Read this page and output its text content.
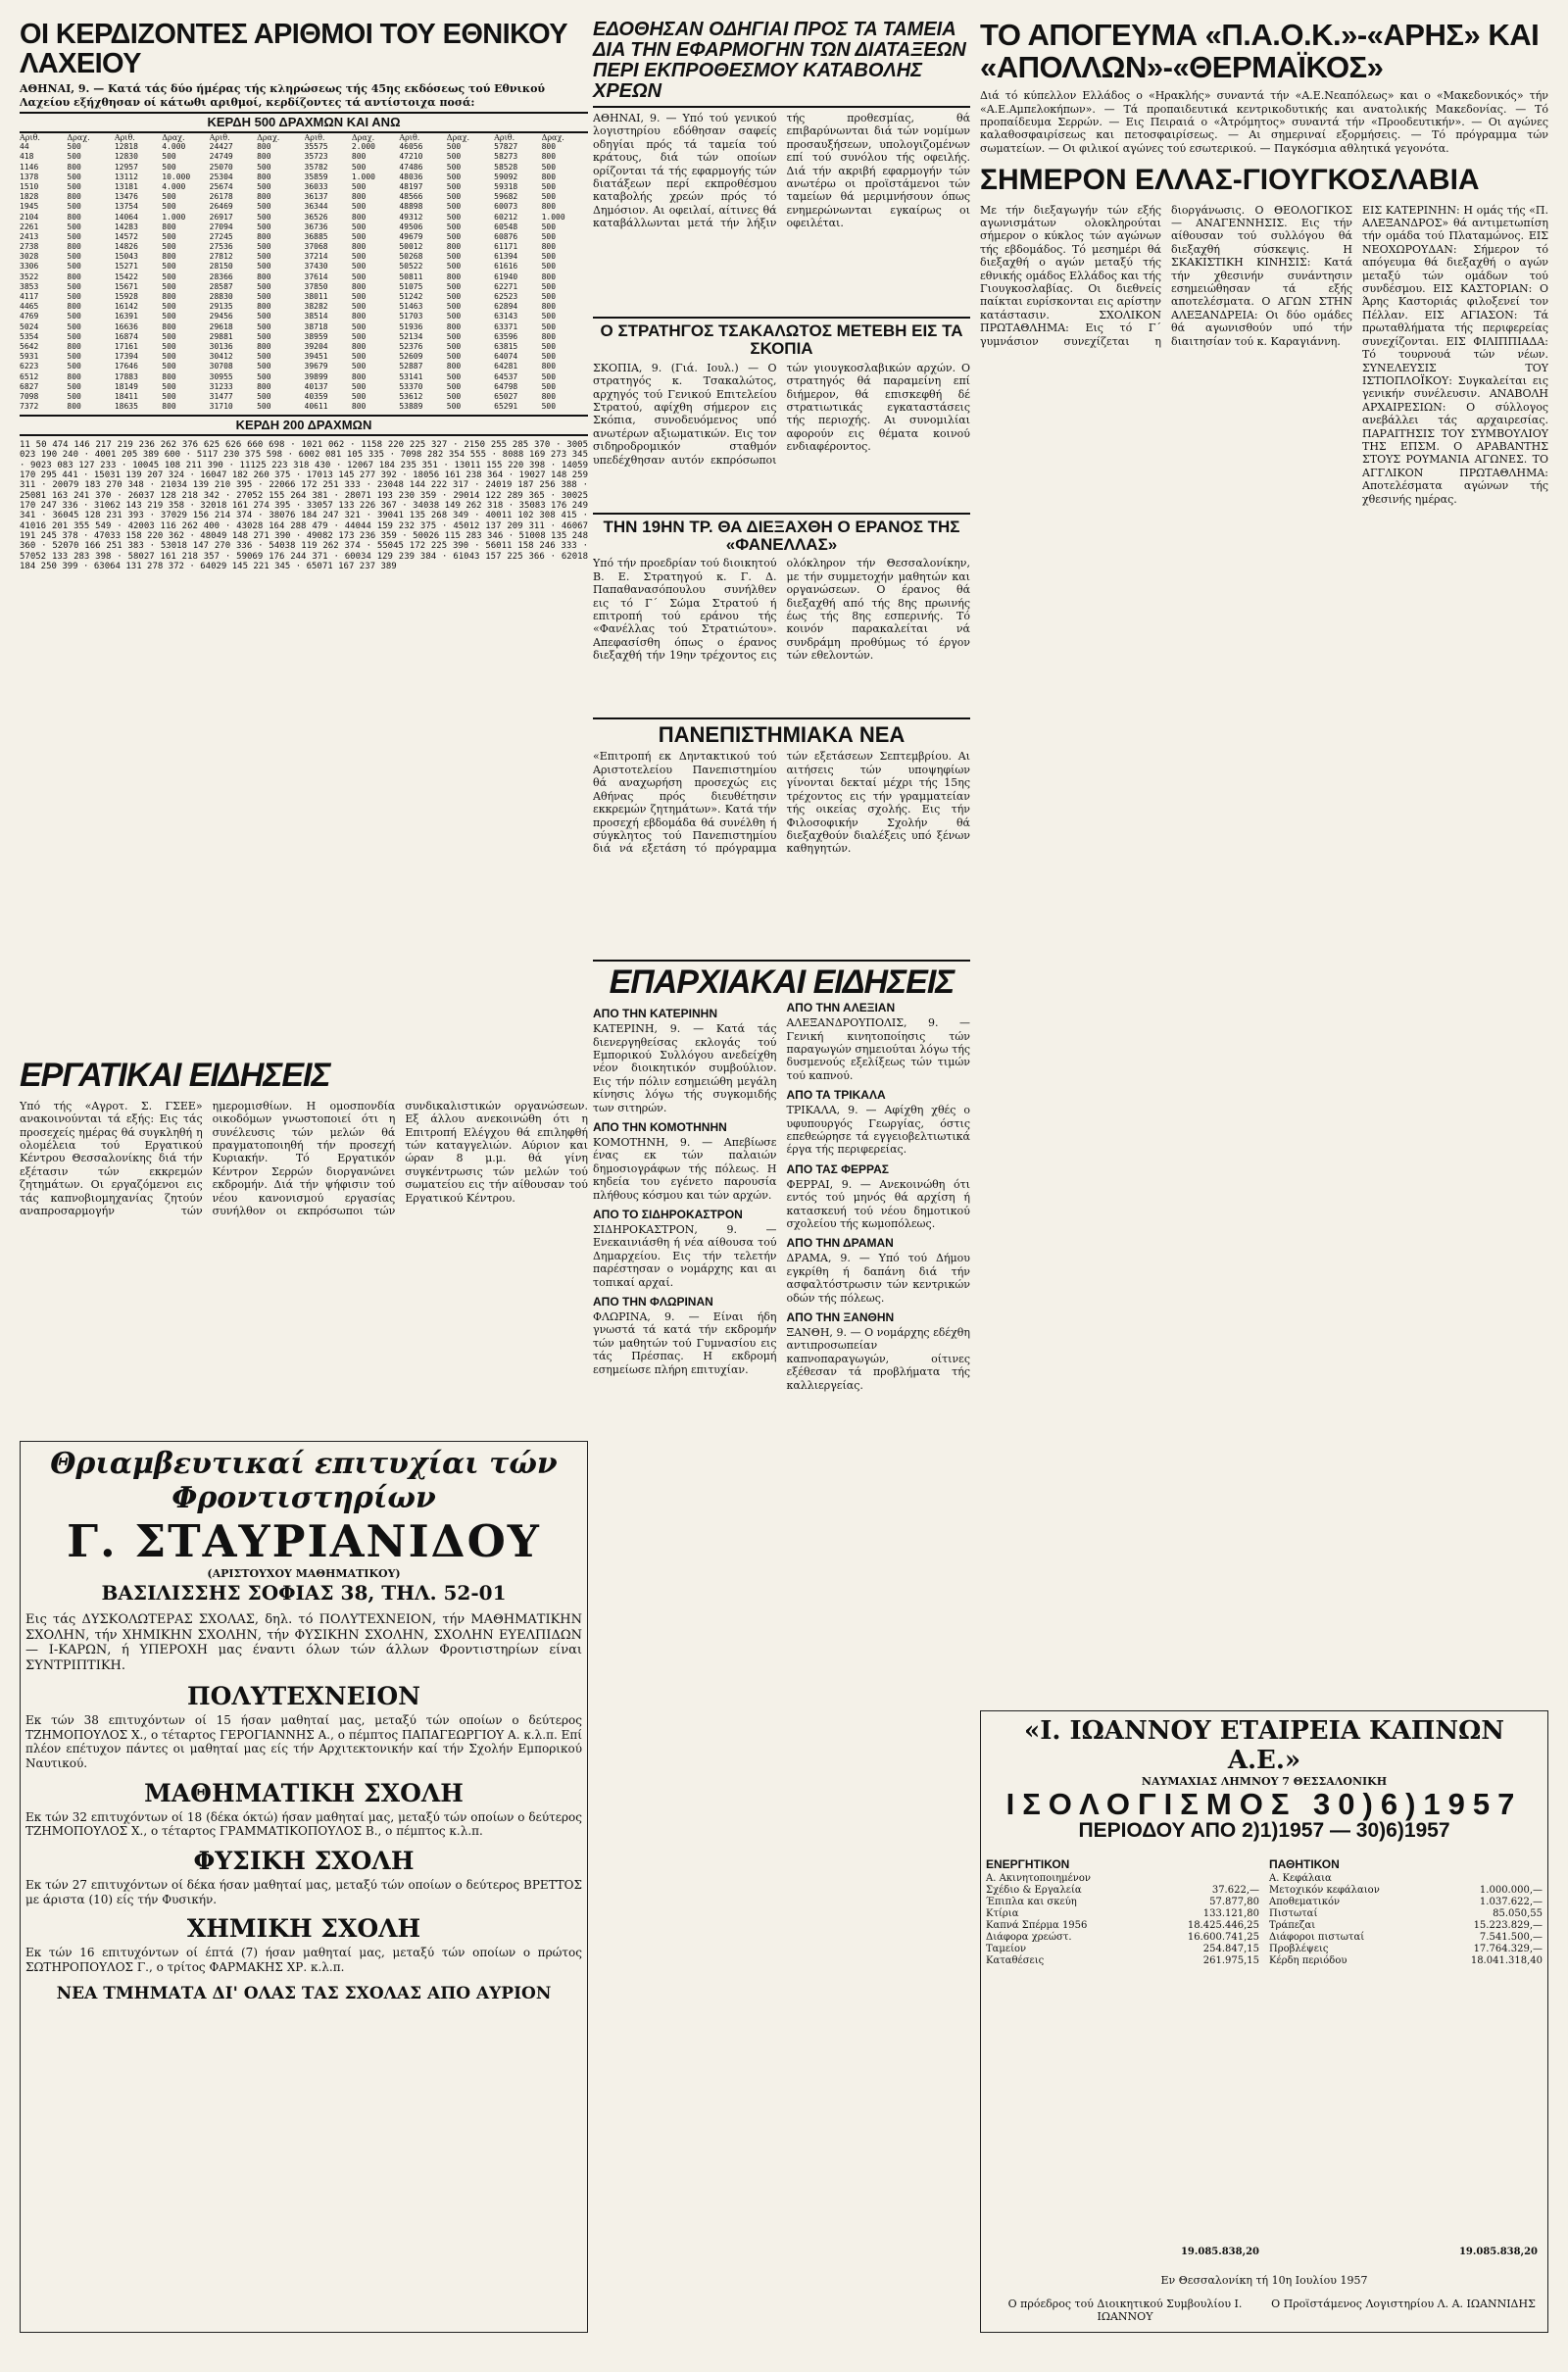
ΟΙ ΚΕΡΔΙΖΟΝΤΕΣ ΑΡΙΘΜΟΙ ΤΟΥ ΕΘΝΙΚΟΥ ΛΑΧΕΙΟΥ
ΑΘΗΝΑΙ, 9. — Κατά τάς δύο ήμέρας τής κληρώσεως τής 45ης εκδόσεως τού Εθνικού Λαχείου εξήχθησαν οί κάτωθι αριθμοί, κερδίζοντες τά αντίστοιχα ποσά:
ΚΕΡΔΗ 500 ΔΡΑΧΜΩΝ ΚΑΙ ΑΝΩ
Αριθ.	Δραχ.	Αριθ.	Δραχ.	Αριθ.	Δραχ.	Αριθ.	Δραχ.	Αριθ.	Δραχ.	Αριθ.	Δραχ.
44	500	12818	4.000	24427	800	35575	2.000	46056	500	57827	800
418	500	12830	500	24749	800	35723	800	47210	500	58273	800
1146	800	12957	500	25070	500	35782	500	47486	500	58528	500
1378	500	13112	10.000	25304	800	35859	1.000	48036	500	59092	800
1510	500	13181	4.000	25674	500	36033	500	48197	500	59318	500
1828	800	13476	500	26178	800	36137	800	48566	500	59682	500
1945	500	13754	500	26469	500	36344	500	48898	500	60073	800
2104	800	14064	1.000	26917	500	36526	800	49312	500	60212	1.000
2261	500	14283	800	27094	500	36736	500	49506	500	60548	500
2413	500	14572	500	27245	800	36885	500	49679	500	60876	500
2738	800	14826	500	27536	500	37068	800	50012	800	61171	800
3028	500	15043	800	27812	500	37214	500	50268	500	61394	500
3306	500	15271	500	28150	500	37430	500	50522	500	61616	500
3522	800	15422	500	28366	800	37614	500	50811	800	61940	800
3853	500	15671	500	28587	500	37850	800	51075	500	62271	500
4117	500	15928	800	28830	500	38011	500	51242	500	62523	500
4465	800	16142	500	29135	800	38282	500	51463	500	62894	800
4769	500	16391	500	29456	500	38514	800	51703	500	63143	500
5024	500	16636	800	29618	500	38718	500	51936	800	63371	500
5354	500	16874	500	29881	500	38959	500	52134	500	63596	800
5642	800	17161	500	30136	800	39204	800	52376	500	63815	500
5931	500	17394	500	30412	500	39451	500	52609	500	64074	500
6223	500	17646	500	30708	500	39679	500	52887	800	64281	800
6512	800	17883	800	30955	500	39899	800	53141	500	64537	500
6827	500	18149	500	31233	800	40137	500	53370	500	64798	500
7098	500	18411	500	31477	500	40359	500	53612	500	65027	800
7372	800	18635	800	31710	500	40611	800	53889	500	65291	500
ΚΕΡΔΗ 200 ΔΡΑΧΜΩΝ
11 50 474 146 217 219 236 262 376 625 626 660 698 · 1021 062 · 1158 220 225 327 · 2150 255 285 370 · 3005 023 190 240 · 4001 205 389 600 · 5117 230 375 598 · 6002 081 105 335 · 7098 282 354 555 · 8088 169 273 345 · 9023 083 127 233 · 10045 108 211 390 · 11125 223 318 430 · 12067 184 235 351 · 13011 155 220 398 · 14059 170 295 441 · 15031 139 207 324 · 16047 182 260 375 · 17013 145 277 392 · 18056 161 238 364 · 19027 148 259 311 · 20079 183 270 348 · 21034 139 210 395 · 22066 172 251 333 · 23048 144 222 317 · 24019 187 256 388 · 25081 163 241 370 · 26037 128 218 342 · 27052 155 264 381 · 28071 193 230 359 · 29014 122 289 365 · 30025 170 247 336 · 31062 143 219 358 · 32018 161 274 395 · 33057 133 226 367 · 34038 149 262 318 · 35083 176 249 341 · 36045 128 231 393 · 37029 156 214 374 · 38076 184 247 321 · 39041 135 268 349 · 40011 102 308 415 · 41016 201 355 549 · 42003 116 262 400 · 43028 164 288 479 · 44044 159 232 375 · 45012 137 209 311 · 46067 191 245 378 · 47033 158 220 362 · 48049 148 271 390 · 49082 173 236 359 · 50026 115 283 346 · 51008 135 248 360 · 52070 166 251 383 · 53018 147 270 336 · 54038 119 262 374 · 55045 172 225 390 · 56011 158 246 333 · 57052 133 283 398 · 58027 161 218 357 · 59069 176 244 371 · 60034 129 239 384 · 61043 157 225 366 · 62018 184 250 399 · 63064 131 278 372 · 64029 145 221 345 · 65071 167 237 389
ΕΡΓΑΤΙΚΑΙ ΕΙΔΗΣΕΙΣ
Υπό τής «Αγροτ. Σ. ΓΣΕΕ» ανακοινούνται τά εξής: Εις τάς προσεχείς ημέρας θά συγκληθή η ολομέλεια τού Εργατικού Κέντρου Θεσσαλονίκης διά τήν εξέτασιν τών εκκρεμών ζητημάτων. Οι εργαζόμενοι εις τάς καπνοβιομηχανίας ζητούν αναπροσαρμογήν τών ημερομισθίων. Η ομοσπονδία οικοδόμων γνωστοποιεί ότι η συνέλευσις τών μελών θά πραγματοποιηθή τήν προσεχή Κυριακήν. Τό Εργατικόν Κέντρον Σερρών διοργανώνει εκδρομήν. Διά τήν ψήφισιν τού νέου κανονισμού εργασίας συνήλθον οι εκπρόσωποι τών συνδικαλιστικών οργανώσεων. Εξ άλλου ανεκοινώθη ότι η Επιτροπή Ελέγχου θά επιληφθή τών καταγγελιών. Αύριον και ώραν 8 μ.μ. θά γίνη συγκέντρωσις τών μελών τού σωματείου εις τήν αίθουσαν τού Εργατικού Κέντρου.
Θριαμβευτικαί επιτυχίαι τών Φροντιστηρίων
Γ. ΣΤΑΥΡΙΑΝΙΔΟΥ
(ΑΡΙΣΤΟΥΧΟΥ ΜΑΘΗΜΑΤΙΚΟΥ)
ΒΑΣΙΛΙΣΣΗΣ ΣΟΦΙΑΣ 38, ΤΗΛ. 52-01
Εις τάς ΔΥΣΚΟΛΩΤΕΡΑΣ ΣΧΟΛΑΣ, δηλ. τό ΠΟΛΥΤΕΧΝΕΙΟΝ, τήν ΜΑΘΗΜΑΤΙΚΗΝ ΣΧΟΛΗΝ, τήν ΧΗΜΙΚΗΝ ΣΧΟΛΗΝ, τήν ΦΥΣΙΚΗΝ ΣΧΟΛΗΝ, ΣΧΟΛΗΝ ΕΥΕΛΠΙΔΩΝ — Ι-ΚΑΡΩΝ, ή ΥΠΕΡΟΧΗ μας έναντι όλων τών άλλων Φροντιστηρίων είναι ΣΥΝΤΡΙΠΤΙΚΗ.
ΠΟΛΥΤΕΧΝΕΙΟΝ
Εκ τών 38 επιτυχόντων οί 15 ήσαν μαθηταί μας, μεταξύ τών οποίων ο δεύτερος ΤΖΗΜΟΠΟΥΛΟΣ Χ., ο τέταρτος ΓΕΡΟΓΙΑΝΝΗΣ Α., ο πέμπτος ΠΑΠΑΓΕΩΡΓΙΟΥ Α. κ.λ.π. Επί πλέον επέτυχον πάντες οι μαθηταί μας είς τήν Αρχιτεκτονικήν καί τήν Σχολήν Εμπορικού Ναυτικού.
ΜΑΘΗΜΑΤΙΚΗ ΣΧΟΛΗ
Εκ τών 32 επιτυχόντων οί 18 (δέκα όκτώ) ήσαν μαθηταί μας, μεταξύ τών οποίων ο δεύτερος ΤΖΗΜΟΠΟΥΛΟΣ Χ., ο τέταρτος ΓΡΑΜΜΑΤΙΚΟΠΟΥΛΟΣ Β., ο πέμπτος κ.λ.π.
ΦΥΣΙΚΗ ΣΧΟΛΗ
Εκ τών 27 επιτυχόντων οί δέκα ήσαν μαθηταί μας, μεταξύ τών οποίων ο δεύτερος ΒΡΕΤΤΟΣ με άριστα (10) είς τήν Φυσικήν.
ΧΗΜΙΚΗ ΣΧΟΛΗ
Εκ τών 16 επιτυχόντων οί έπτά (7) ήσαν μαθηταί μας, μεταξύ τών οποίων ο πρώτος ΣΩΤΗΡΟΠΟΥΛΟΣ Γ., ο τρίτος ΦΑΡΜΑΚΗΣ ΧΡ. κ.λ.π.
ΝΕΑ ΤΜΗΜΑΤΑ ΔΙ' ΟΛΑΣ ΤΑΣ ΣΧΟΛΑΣ ΑΠΟ ΑΥΡΙΟΝ
ΕΔΟΘΗΣΑΝ ΟΔΗΓΙΑΙ ΠΡΟΣ ΤΑ ΤΑΜΕΙΑ ΔΙΑ ΤΗΝ ΕΦΑΡΜΟΓΗΝ ΤΩΝ ΔΙΑΤΑΞΕΩΝ ΠΕΡΙ ΕΚΠΡΟΘΕΣΜΟΥ ΚΑΤΑΒΟΛΗΣ ΧΡΕΩΝ
ΑΘΗΝΑΙ, 9. — Υπό τού γενικού λογιστηρίου εδόθησαν σαφείς οδηγίαι πρός τά ταμεία τού κράτους, διά τών οποίων ορίζονται τά τής εφαρμογής τών διατάξεων περί εκπροθέσμου καταβολής χρεών πρός τό Δημόσιον. Αι οφειλαί, αίτινες θά καταβάλλωνται μετά τήν λήξιν τής προθεσμίας, θά επιβαρύνωνται διά τών νομίμων προσαυξήσεων, υπολογιζομένων επί τού συνόλου τής οφειλής. Διά τήν ακριβή εφαρμογήν τών ανωτέρω οι προϊστάμενοι τών ταμείων θά μεριμνήσουν όπως ενημερώνωνται εγκαίρως οι οφειλέται.
Ο ΣΤΡΑΤΗΓΟΣ ΤΣΑΚΑΛΩΤΟΣ ΜΕΤΕΒΗ ΕΙΣ ΤΑ ΣΚΟΠΙΑ
ΣΚΟΠΙΑ, 9. (Γιά. Ιουλ.) — Ο στρατηγός κ. Τσακαλώτος, αρχηγός τού Γενικού Επιτελείου Στρατού, αφίχθη σήμερον εις Σκόπια, συνοδευόμενος υπό ανωτέρων αξιωματικών. Εις τον σιδηροδρομικόν σταθμόν υπεδέχθησαν αυτόν εκπρόσωποι τών γιουγκοσλαβικών αρχών. Ο στρατηγός θά παραμείνη επί διήμερον, θά επισκεφθή δέ στρατιωτικάς εγκαταστάσεις τής περιοχής. Αι συνομιλίαι αφορούν εις θέματα κοινού ενδιαφέροντος.
ΤΗΝ 19ΗΝ ΤΡ. ΘΑ ΔΙΕΞΑΧΘΗ Ο ΕΡΑΝΟΣ ΤΗΣ «ΦΑΝΕΛΛΑΣ»
Υπό τήν προεδρίαν τού διοικητού Β. Ε. Στρατηγού κ. Γ. Δ. Παπαθανασόπουλου συνήλθεν εις τό Γ΄ Σώμα Στρατού ή επιτροπή τού εράνου τής «Φανέλλας τού Στρατιώτου». Απεφασίσθη όπως ο έρανος διεξαχθή τήν 19ην τρέχοντος εις ολόκληρον τήν Θεσσαλονίκην, με τήν συμμετοχήν μαθητών και οργανώσεων. Ο έρανος θά διεξαχθή από τής 8ης πρωινής έως τής 8ης εσπερινής. Τό κοινόν παρακαλείται νά συνδράμη προθύμως τό έργον τών εθελοντών.
ΠΑΝΕΠΙΣΤΗΜΙΑΚΑ ΝΕΑ
«Επιτροπή εκ Δηντακτικού τού Αριστοτελείου Πανεπιστημίου θά αναχωρήση προσεχώς εις Αθήνας πρός διευθέτησιν εκκρεμών ζητημάτων». Κατά τήν προσεχή εβδομάδα θά συνέλθη ή σύγκλητος τού Πανεπιστημίου διά νά εξετάση τό πρόγραμμα τών εξετάσεων Σεπτεμβρίου. Αι αιτήσεις τών υποψηφίων γίνονται δεκταί μέχρι τής 15ης τρέχοντος εις τήν γραμματείαν τής οικείας σχολής. Εις τήν Φιλοσοφικήν Σχολήν θά διεξαχθούν διαλέξεις υπό ξένων καθηγητών.
ΕΠΑΡΧΙΑΚΑΙ ΕΙΔΗΣΕΙΣ
ΑΠΟ ΤΗΝ ΚΑΤΕΡΙΝΗΝ
ΚΑΤΕΡΙΝΗ, 9. — Κατά τάς διενεργηθείσας εκλογάς τού Εμπορικού Συλλόγου ανεδείχθη νέον διοικητικόν συμβούλιον. Εις τήν πόλιν εσημειώθη μεγάλη κίνησις λόγω τής συγκομιδής των σιτηρών.
ΑΠΟ ΤΗΝ ΚΟΜΟΤΗΝΗΝ
ΚΟΜΟΤΗΝΗ, 9. — Απεβίωσε ένας εκ τών παλαιών δημοσιογράφων τής πόλεως. Η κηδεία του εγένετο παρουσία πλήθους κόσμου και τών αρχών.
ΑΠΟ ΤΟ ΣΙΔΗΡΟΚΑΣΤΡΟΝ
ΣΙΔΗΡΟΚΑΣΤΡΟΝ, 9. — Ενεκαινιάσθη ή νέα αίθουσα τού Δημαρχείου. Εις τήν τελετήν παρέστησαν ο νομάρχης και αι τοπικαί αρχαί.
ΑΠΟ ΤΗΝ ΦΛΩΡΙΝΑΝ
ΦΛΩΡΙΝΑ, 9. — Είναι ήδη γνωστά τά κατά τήν εκδρομήν τών μαθητών τού Γυμνασίου εις τάς Πρέσπας. Η εκδρομή εσημείωσε πλήρη επιτυχίαν.
ΑΠΟ ΤΗΝ ΑΛΕΞΙΑΝ
ΑΛΕΞΑΝΔΡΟΥΠΟΛΙΣ, 9. — Γενική κινητοποίησις τών παραγωγών σημειούται λόγω τής δυσμενούς εξελίξεως τών τιμών τού καπνού.
ΑΠΟ ΤΑ ΤΡΙΚΑΛΑ
ΤΡΙΚΑΛΑ, 9. — Αφίχθη χθές ο υφυπουργός Γεωργίας, όστις επεθεώρησε τά εγγειοβελτιωτικά έργα τής περιφερείας.
ΑΠΟ ΤΑΣ ΦΕΡΡΑΣ
ΦΕΡΡΑΙ, 9. — Ανεκοινώθη ότι εντός τού μηνός θά αρχίση ή κατασκευή τού νέου δημοτικού σχολείου τής κωμοπόλεως.
ΑΠΟ ΤΗΝ ΔΡΑΜΑΝ
ΔΡΑΜΑ, 9. — Υπό τού Δήμου εγκρίθη ή δαπάνη διά τήν ασφαλτόστρωσιν τών κεντρικών οδών τής πόλεως.
ΑΠΟ ΤΗΝ ΞΑΝΘΗΝ
ΞΑΝΘΗ, 9. — Ο νομάρχης εδέχθη αντιπροσωπείαν καπνοπαραγωγών, οίτινες εξέθεσαν τά προβλήματα τής καλλιεργείας.
ΤΟ ΑΠΟΓΕΥΜΑ «Π.Α.Ο.Κ.»-«ΑΡΗΣ» ΚΑΙ «ΑΠΟΛΛΩΝ»-«ΘΕΡΜΑΪΚΟΣ»
Διά τό κύπελλον Ελλάδος ο «Ηρακλής» συναντά τήν «Α.Ε.Νεαπόλεως» και ο «Μακεδονικός» τήν «Α.Ε.Αμπελοκήπων». — Τά προπαιδευτικά κεντρικοδυτικής και ανατολικής Μακεδονίας. — Τό προπαίδευμα Σερρών. — Εις Πειραιά ο «Άτρόμητος» συναντά τήν «Προοδευτικήν». — Οι αγώνες καλαθοσφαιρίσεως και πετοσφαιρίσεως. — Αι σημεριναί εξορμήσεις. — Τό πρόγραμμα τών σωματείων. — Οι φιλικοί αγώνες τού εσωτερικού. — Παγκόσμια αθλητικά γεγονότα.
ΣΗΜΕΡΟΝ ΕΛΛΑΣ-ΓΙΟΥΓΚΟΣΛΑΒΙΑ
Με τήν διεξαγωγήν τών εξής αγωνισμάτων ολοκληρούται σήμερον ο κύκλος τών αγώνων τής εβδομάδος. Τό μεσημέρι θά διεξαχθή ο αγών μεταξύ τής εθνικής ομάδος Ελλάδος και τής Γιουγκοσλαβίας. Οι διεθνείς παίκται ευρίσκονται εις αρίστην κατάστασιν. ΣΧΟΛΙΚΟΝ ΠΡΩΤΑΘΛΗΜΑ: Εις τό Γ΄ γυμνάσιον συνεχίζεται η διοργάνωσις. Ο ΘΕΟΛΟΓΙΚΟΣ — ΑΝΑΓΕΝΝΗΣΙΣ. Εις τήν αίθουσαν τού συλλόγου θά διεξαχθή σύσκεψις. Η ΣΚΑΚΙΣΤΙΚΗ ΚΙΝΗΣΙΣ: Κατά τήν χθεσινήν συνάντησιν εσημειώθησαν τά εξής αποτελέσματα. Ο ΑΓΩΝ ΣΤΗΝ ΑΛΕΞΑΝΔΡΕΙΑ: Οι δύο ομάδες θά αγωνισθούν υπό τήν διαιτησίαν τού κ. Καραγιάννη.
ΕΙΣ ΚΑΤΕΡΙΝΗΝ: Η ομάς τής «Π. ΑΛΕΞΑΝΔΡΟΣ» θά αντιμετωπίση τήν ομάδα τού Πλαταμώνος. ΕΙΣ ΝΕΟΧΩΡΟΥΔΑΝ: Σήμερον τό απόγευμα θά διεξαχθή ο αγών μεταξύ τών ομάδων τού συνδέσμου. ΕΙΣ ΚΑΣΤΟΡΙΑΝ: Ο Άρης Καστοριάς φιλοξενεί τον Πέλλαν. ΕΙΣ ΑΓΙΑΣΟΝ: Τά πρωταθλήματα τής περιφερείας συνεχίζονται. ΕΙΣ ΦΙΛΙΠΠΙΑΔΑ: Τό τουρνουά τών νέων. ΣΥΝΕΛΕΥΣΙΣ ΤΟΥ ΙΣΤΙΟΠΛΟΪΚΟΥ: Συγκαλείται εις γενικήν συνέλευσιν. ΑΝΑΒΟΛΗ ΑΡΧΑΙΡΕΣΙΩΝ: Ο σύλλογος ανεβάλλει τάς αρχαιρεσίας. ΠΑΡΑΙΤΗΣΙΣ ΤΟΥ ΣΥΜΒΟΥΛΙΟΥ ΤΗΣ ΕΠΣΜ. Ο ΑΡΑΒΑΝΤΗΣ ΣΤΟΥΣ ΡΟΥΜΑΝΙΑ ΑΓΩΝΕΣ. ΤΟ ΑΓΓΛΙΚΟΝ ΠΡΩΤΑΘΛΗΜΑ: Αποτελέσματα αγώνων τής χθεσινής ημέρας.
«Ι. ΙΩΑΝΝΟΥ ΕΤΑΙΡΕΙΑ ΚΑΠΝΩΝ Α.Ε.»
ΝΑΥΜΑΧΙΑΣ ΛΗΜΝΟΥ 7 ΘΕΣΣΑΛΟΝΙΚΗ
ΙΣΟΛΟΓΙΣΜΟΣ 30)6)1957
ΠΕΡΙΟΔΟΥ ΑΠΟ 2)1)1957 — 30)6)1957
ΕΝΕΡΓΗΤΙΚΟΝ
Α. Ακινητοποιημένον
Σχέδιο & Εργαλεία	37.622,—
Έπιπλα και σκεύη	57.877,80
Κτίρια	133.121,80
Καπνά Σπέρμα 1956	18.425.446,25
Διάφορα χρεώστ.	16.600.741,25
Ταμείον	254.847,15
Καταθέσεις	261.975,15
ΠΑΘΗΤΙΚΟΝ
Α. Κεφάλαια
Μετοχικόν κεφάλαιον	1.000.000,—
Αποθεματικόν	1.037.622,—
Πιστωταί	85.050,55
Τράπεζαι	15.223.829,—
Διάφοροι πιστωταί	7.541.500,—
Προβλέψεις	17.764.329,—
Κέρδη περιόδου	18.041.318,40
19.085.838,20	19.085.838,20
Εν Θεσσαλονίκη τή 10η Ιουλίου 1957
Ο πρόεδρος τού Διοικητικού Συμβουλίου Ι. ΙΩΑΝΝΟΥ
Ο Προϊστάμενος Λογιστηρίου Λ. Α. ΙΩΑΝΝΙΔΗΣ
